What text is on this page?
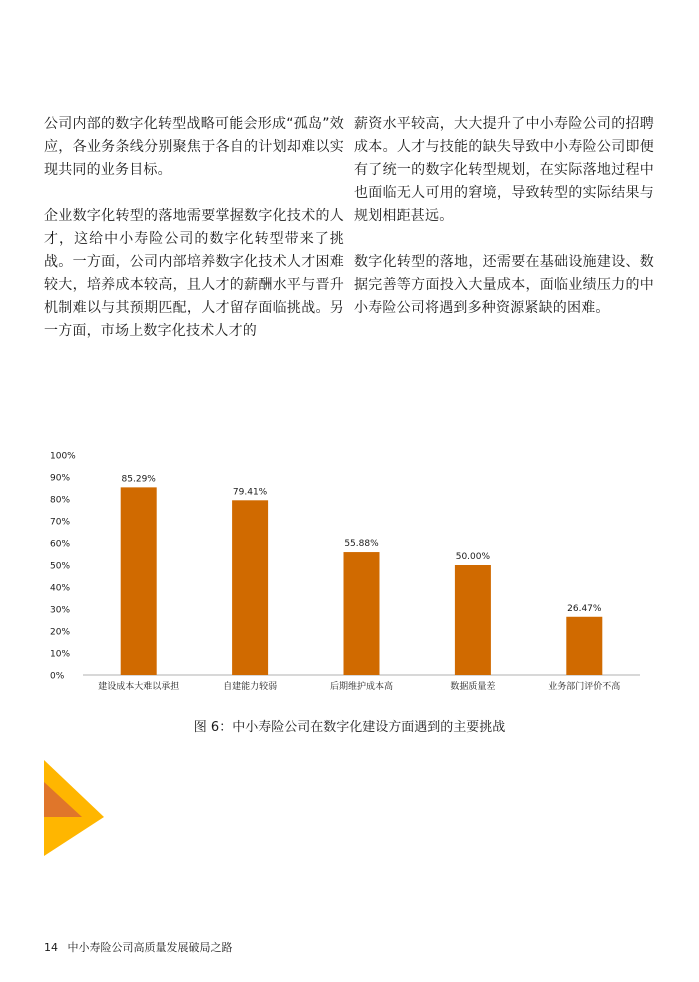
公司内部的数字化转型战略可能会形成“孤岛”效应，各业务条线分别聚焦于各自的计划却难以实现共同的业务目标。

企业数字化转型的落地需要掌握数字化技术的人才，这给中小寿险公司的数字化转型带来了挑战。一方面，公司内部培养数字化技术人才困难较大，培养成本较高，且人才的薪酬水平与晋升机制难以与其预期匹配，人才留存面临挑战。另一方面，市场上数字化技术人才的

薪资水平较高，大大提升了中小寿险公司的招聘成本。人才与技能的缺失导致中小寿险公司即便有了统一的数字化转型规划，在实际落地过程中也面临无人可用的窘境，导致转型的实际结果与规划相距甚远。

数字化转型的落地，还需要在基础设施建设、数据完善等方面投入大量成本，面临业绩压力的中小寿险公司将遇到多种资源紧缺的困难。

0%
10%
20%
30%
40%
50%
60%
70%
80%
90%
100%
85.29%
建设成本大难以承担
79.41%
自建能力较弱
55.88%
后期维护成本高
50.00%
数据质量差
26.47%
业务部门评价不高
图 6：中小寿险公司在数字化建设方面遇到的主要挑战
14 中小寿险公司高质量发展破局之路
